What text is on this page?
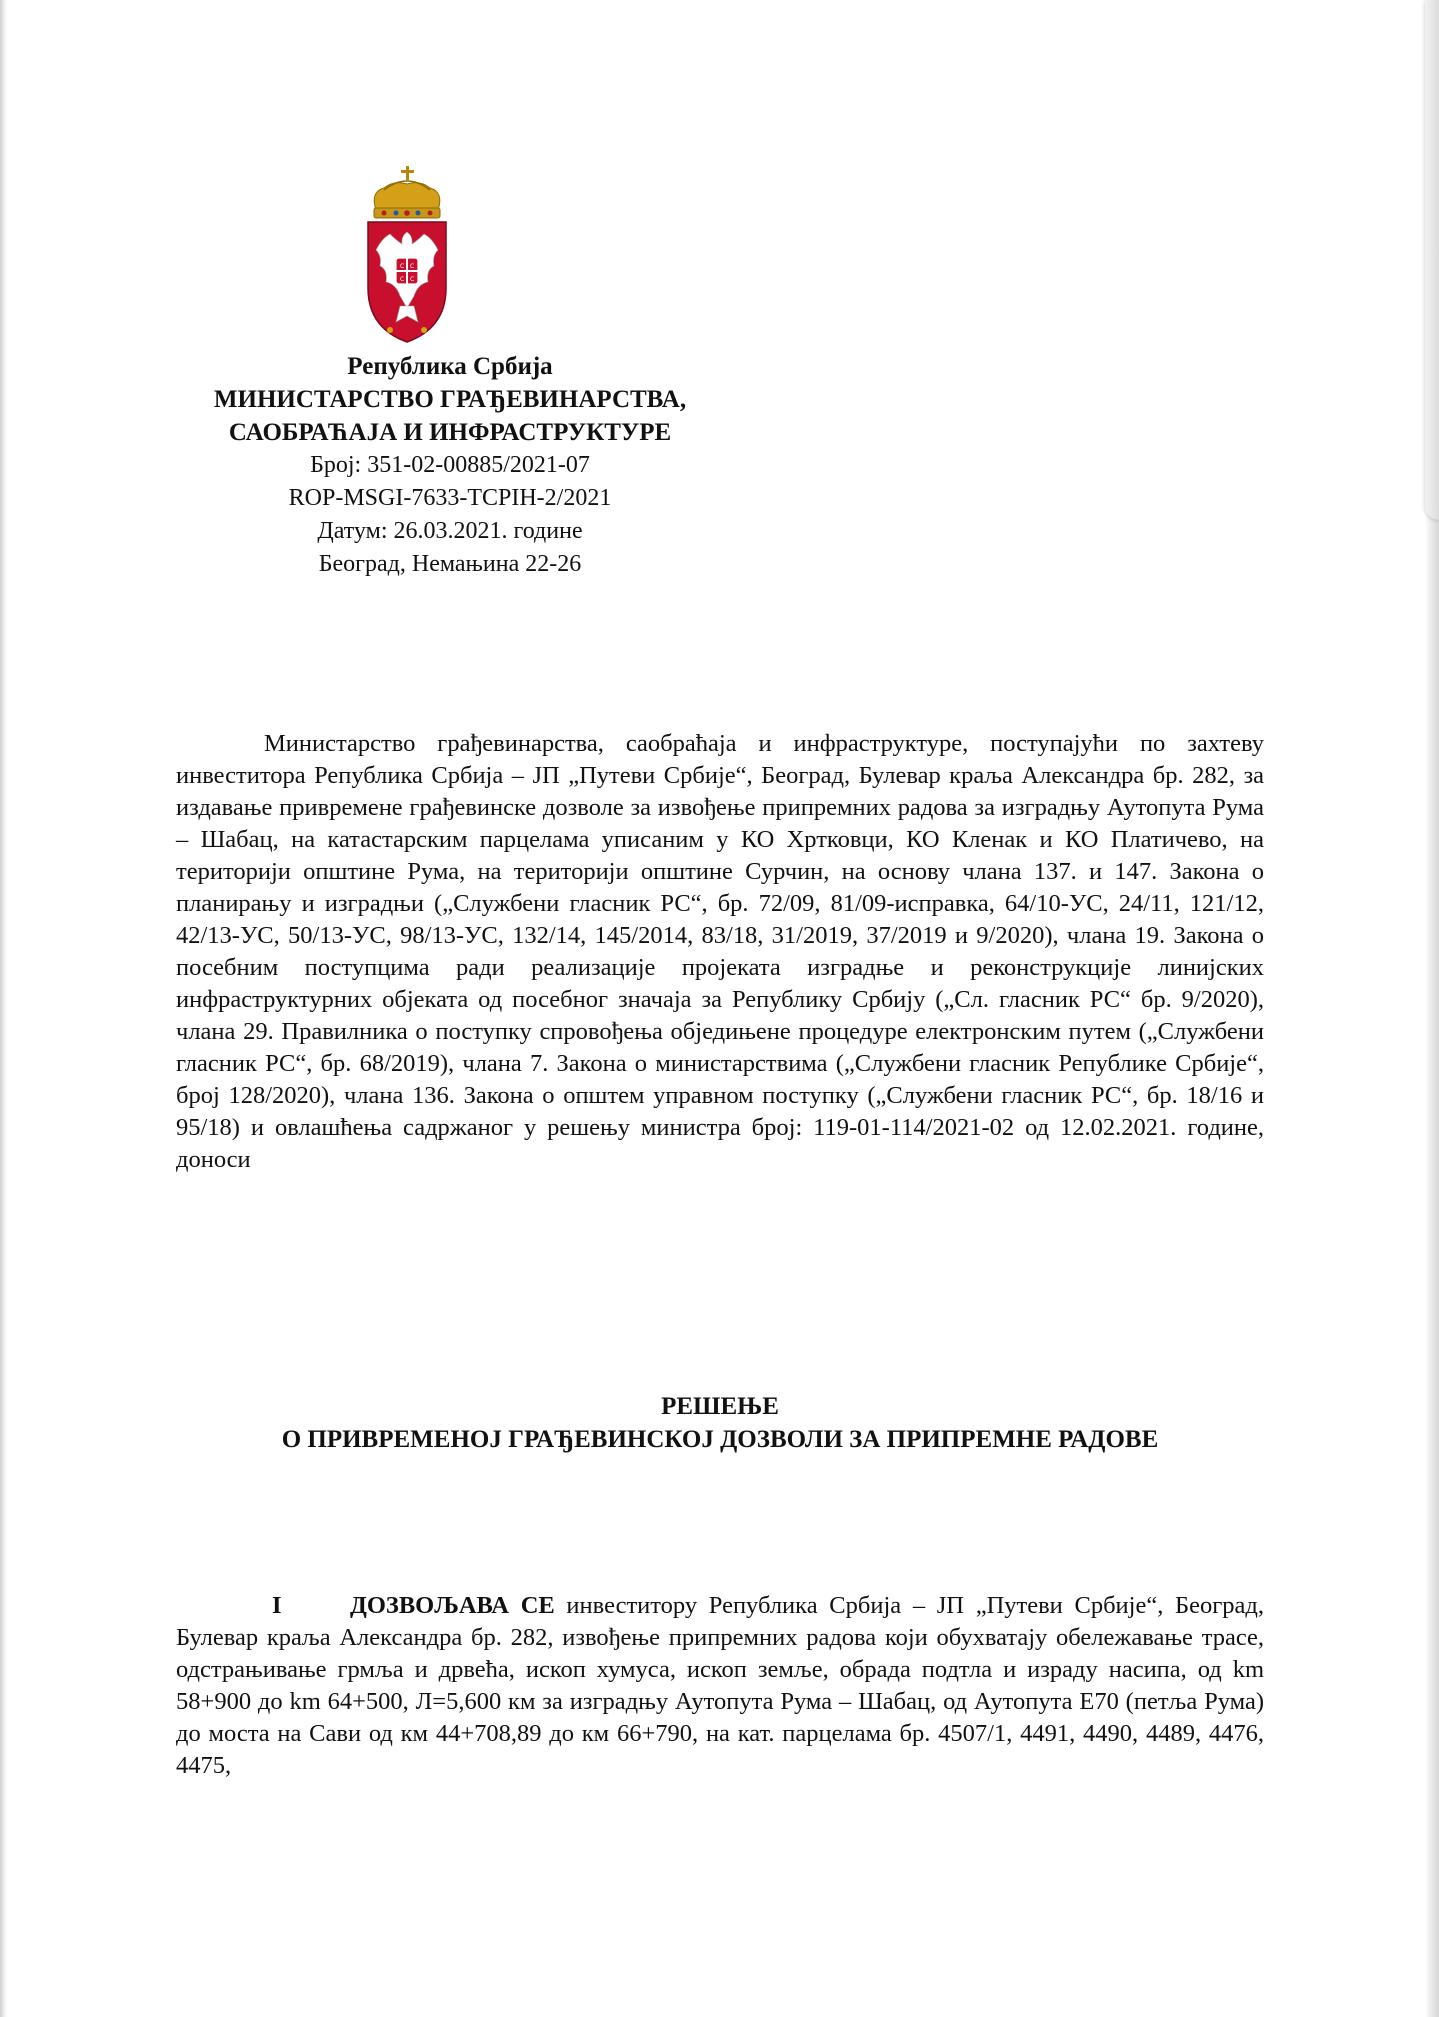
C C
C C
Република Србија
МИНИСТАРСТВО ГРАЂЕВИНАРСТВА,
САОБРАЋАЈА И ИНФРАСТРУКТУРЕ
Број: 351-02-00885/2021-07
ROP-MSGI-7633-TCPIH-2/2021
Датум: 26.03.2021. године
Београд, Немањина 22-26

Министарство грађевинарства, саобраћаја и инфраструктуре, поступајући по захтеву инвеститора Република Србија – ЈП „Путеви Србије“, Београд, Булевар краља Александра бр. 282, за издавање привремене грађевинске дозволе за извођење припремних радова за изградњу Аутопута Рума – Шабац, на катастарским парцелама уписаним у КО Хртковци, КО Кленак и КО Платичево, на територији општине Рума, на територији општине Сурчин, на основу члана 137. и 147. Закона о планирању и изградњи („Службени гласник РС“, бр. 72/09, 81/09-исправка, 64/10-УС, 24/11, 121/12, 42/13-УС, 50/13-УС, 98/13-УС, 132/14, 145/2014, 83/18, 31/2019, 37/2019 и 9/2020), члана 19. Закона о посебним поступцима ради реализације пројеката изградње и реконструкције линијских инфраструктурних објеката од посебног значаја за Републику Србију („Сл. гласник РС“ бр. 9/2020), члана 29. Правилника о поступку спровођења обједињене процедуре електронским путем („Службени гласник РС“, бр. 68/2019), члана 7. Закона о министарствима („Службени гласник Републике Србије“, број 128/2020), члана 136. Закона о општем управном поступку („Службени гласник РС“, бр. 18/16 и 95/18) и овлашћења садржаног у решењу министра број: 119-01-114/2021-02 од 12.02.2021. године, доноси

РЕШЕЊЕ
О ПРИВРЕМЕНОЈ ГРАЂЕВИНСКОЈ ДОЗВОЛИ ЗА ПРИПРЕМНЕ РАДОВЕ

I	ДОЗВОЉАВА СЕ инвеститору Република Србија – ЈП „Путеви Србије“, Београд, Булевар краља Александра бр. 282, извођење припремних радова који обухватају обележавање трасе, одстрањивање грмља и дрвећа, ископ хумуса, ископ земље, обрада подтла и израду насипа, од km 58+900 до km 64+500, Л=5,600 км за изградњу Аутопута Рума – Шабац, од Аутопута Е70 (петља Рума) до моста на Сави од км 44+708,89 до км 66+790, на кат. парцелама бр. 4507/1, 4491, 4490, 4489, 4476, 4475,
